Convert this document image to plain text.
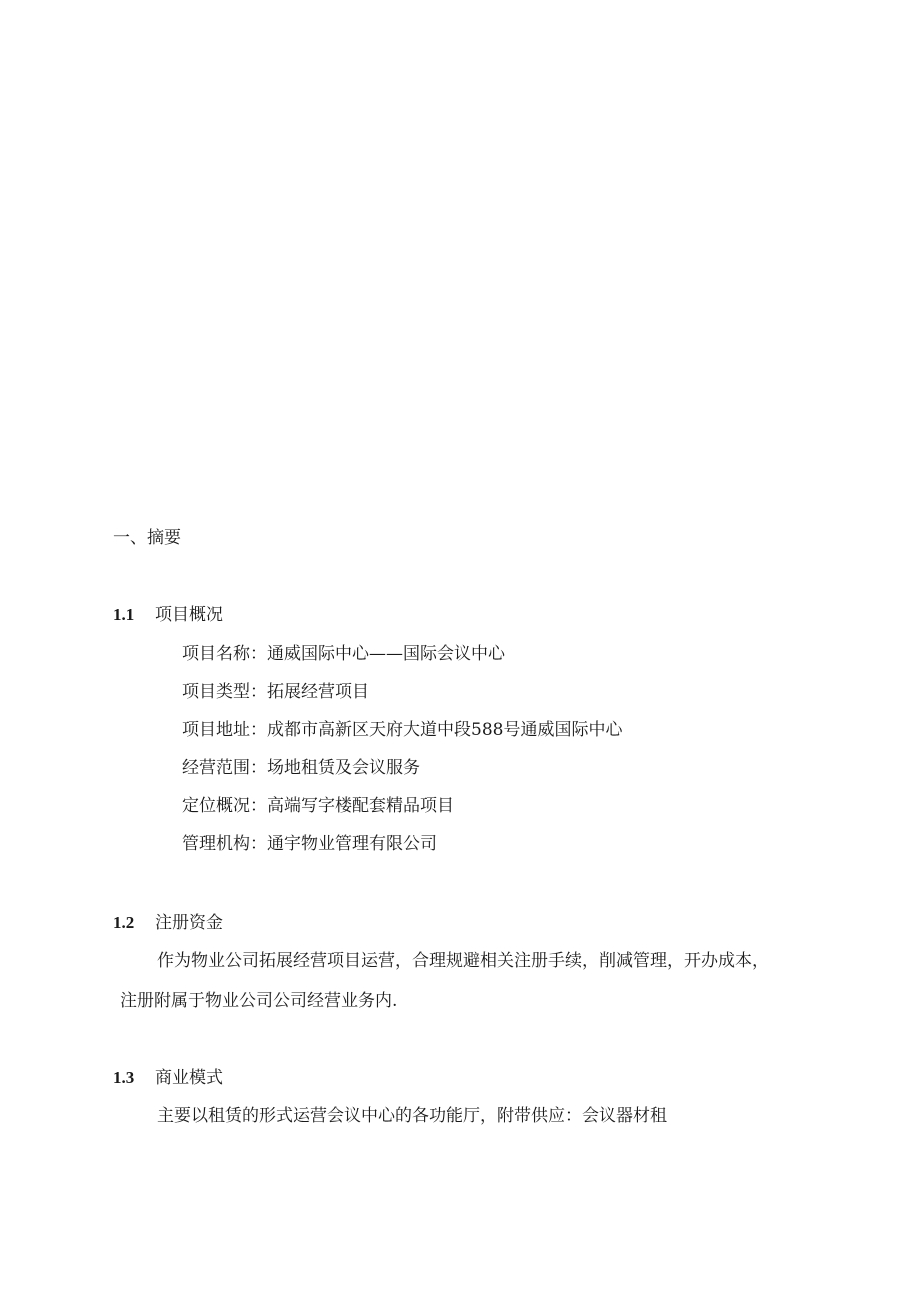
一、摘要
1.1 项目概况
项目名称：通威国际中心——国际会议中心
项目类型：拓展经营项目
项目地址：成都市高新区天府大道中段588号通威国际中心
经营范围：场地租赁及会议服务
定位概况：高端写字楼配套精品项目
管理机构：通宇物业管理有限公司
1.2 注册资金
作为物业公司拓展经营项目运营，合理规避相关注册手续，削减管理，开办成本，
注册附属于物业公司公司经营业务内.
1.3 商业模式
主要以租赁的形式运营会议中心的各功能厅，附带供应：会议器材租
